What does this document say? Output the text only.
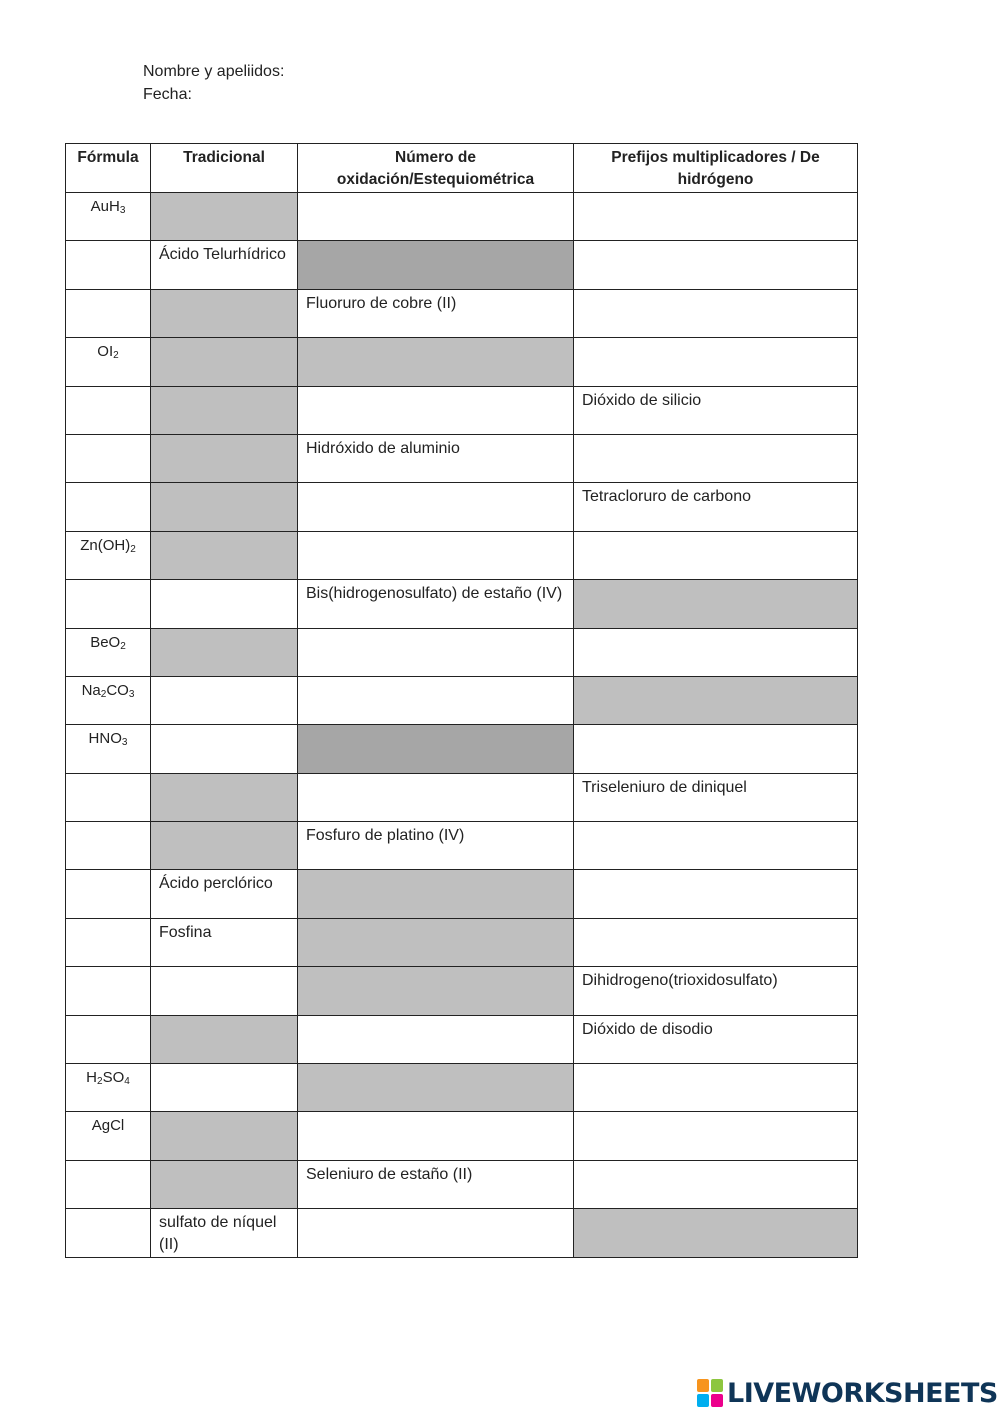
Nombre y apeliidos:
Fecha:
Fórmula	Tradicional	Número de oxidación/Estequiométrica	Prefijos multiplicadores / De hidrógeno
AuH$_3$			
	Ácido Telurhídrico		
		Fluoruro de cobre (II)	
$OI_2$			
			Dióxido de silicio
		Hidróxido de aluminio	
			Tetracloruro de carbono
$Zn(OH)_2$			
		Bis(hidrogenosulfato) de estaño (IV)	
BeO$_2$			
$Na_2CO_3$			
$HNO_3$			
			Triseleniuro de diniquel
		Fosfuro de platino (IV)	
	Ácido perclórico		
	Fosfina		
			Dihidrogeno(trioxidosulfato)
			Dióxido de disodio
$H_2SO_4$			
AgCl			
		Seleniuro de estaño (II)	
	sulfato de níquel (II)		
LIVEWORKSHEETS
